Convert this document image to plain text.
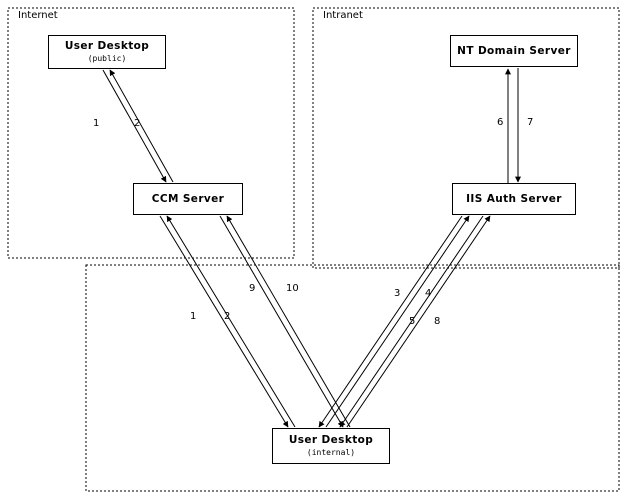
Internet	Intranet
User Desktop
(public)
CCM Server
NT Domain Server
IIS Auth Server
User Desktop
(internal)
1	2	6 7
9	10
1	2
3 4
5 8
